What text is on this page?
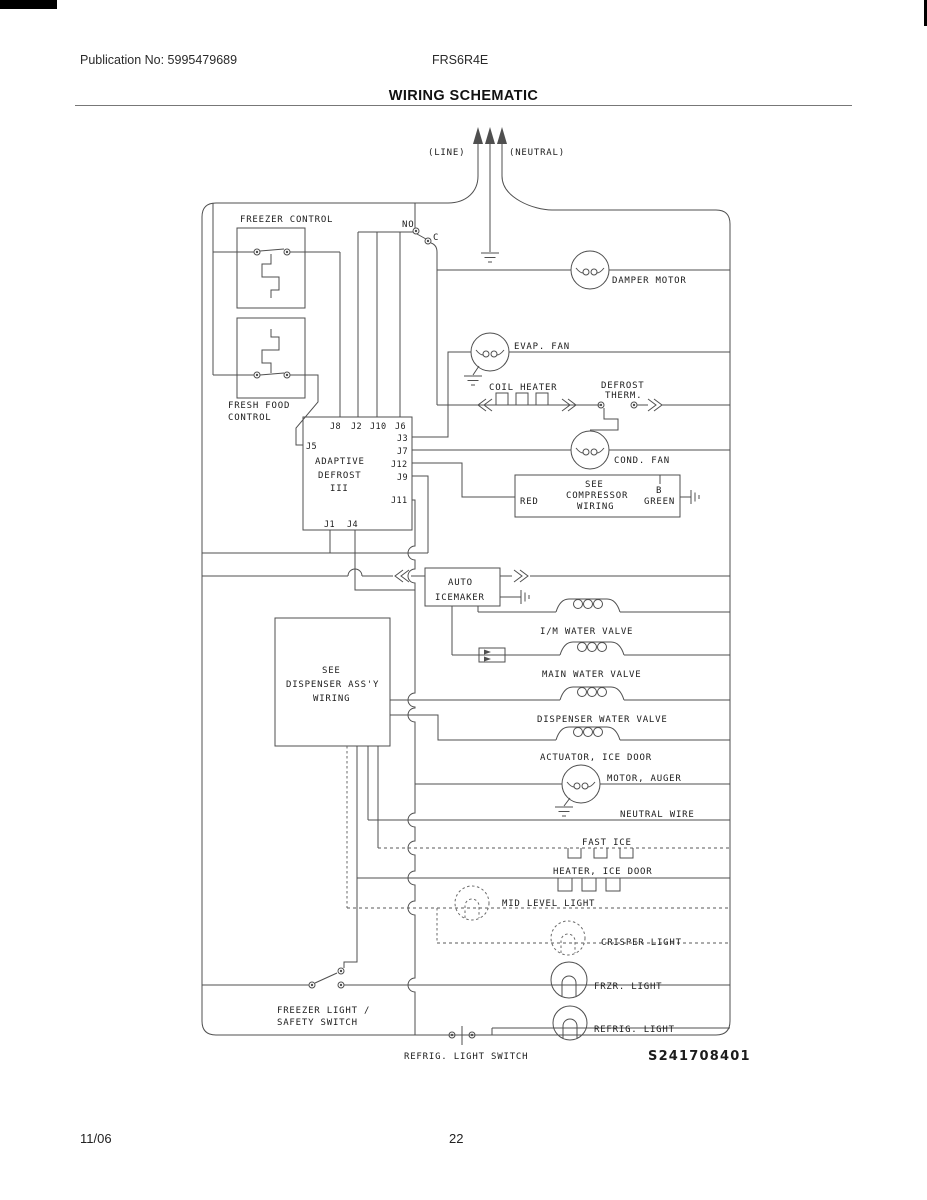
Publication No: 5995479689	FRS6R4E
WIRING SCHEMATIC
(LINE)	(NEUTRAL)
FREEZER CONTROL
FRESH FOOD
CONTROL
NO
C
J8 J2 J10 J6
J5
J3
J7
J12
J9
J11
J1 J4
ADAPTIVE
DEFROST
III
DAMPER MOTOR
EVAP. FAN
COIL HEATER	DEFROST
THERM.
COND. FAN
SEE
COMPRESSOR
WIRING
RED
B
GREEN
AUTO
ICEMAKER
SEE
DISPENSER ASS'Y
WIRING
I/M WATER VALVE
MAIN WATER VALVE
DISPENSER WATER VALVE
ACTUATOR, ICE DOOR
MOTOR, AUGER
NEUTRAL WIRE
FAST ICE
HEATER, ICE DOOR
MID LEVEL LIGHT
CRISPER LIGHT
FRZR. LIGHT
FREEZER LIGHT /
SAFETY SWITCH
REFRIG. LIGHT
REFRIG. LIGHT SWITCH	S241708401
11/06	22
